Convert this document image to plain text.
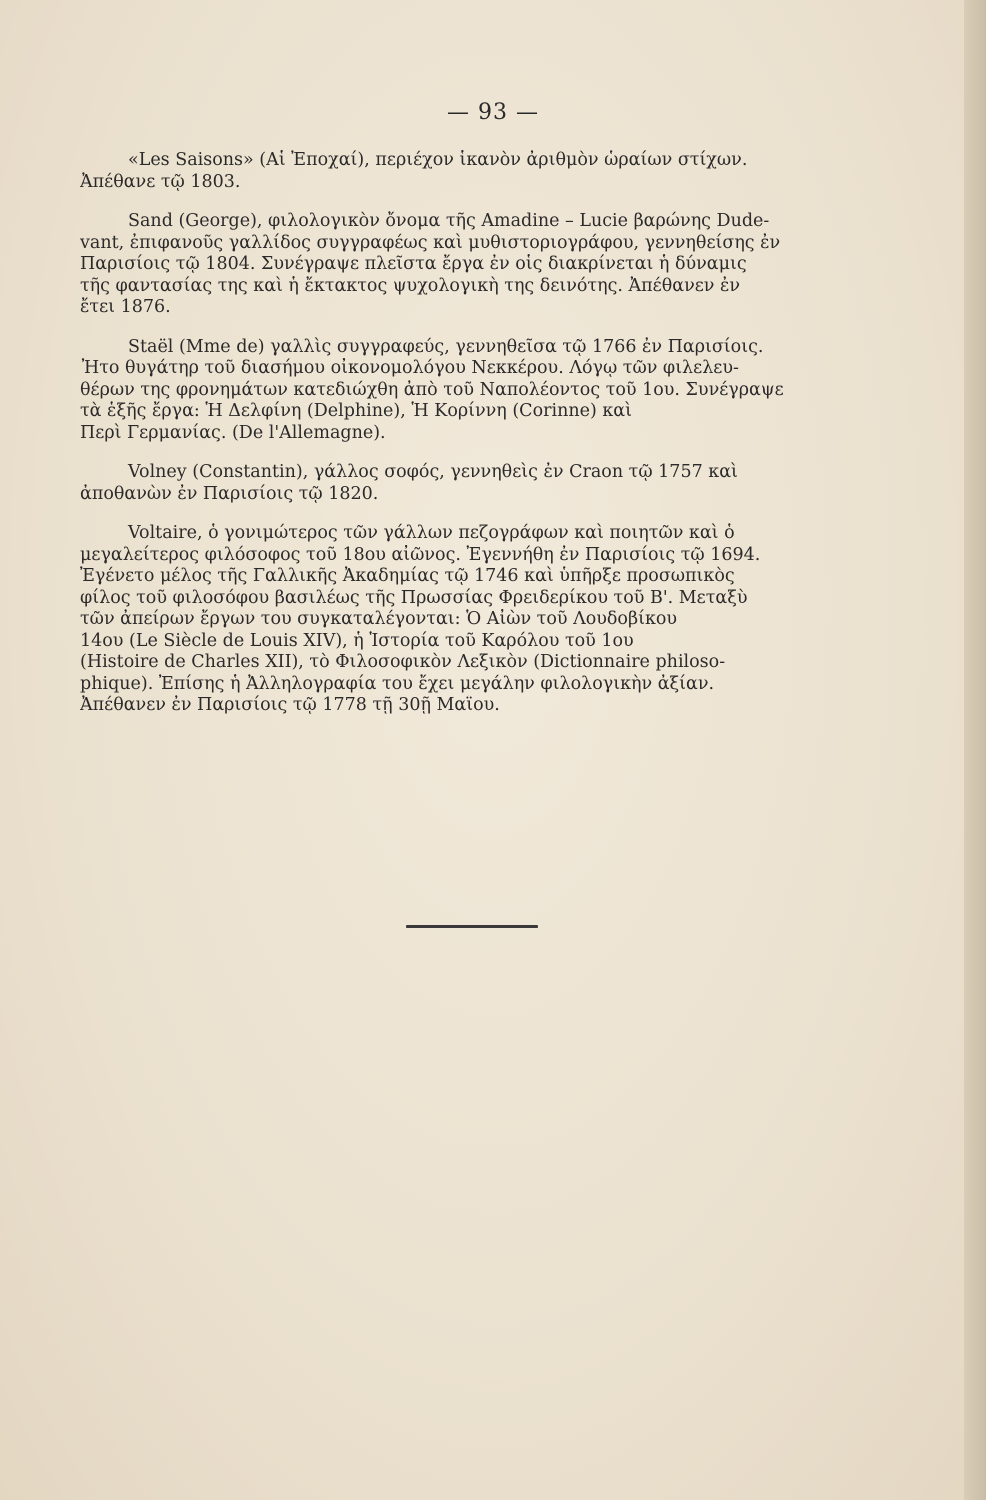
— 93 —
«Les Saisons» (Αἱ Ἐποχαί), περιέχον ἱκανὸν ἀριθμὸν ὡραίων στίχων.
Ἀπέθανε τῷ 1803.
Sand (George), φιλολογικὸν ὄνομα τῆς Amadine – Lucie βαρώνης Dude-
vant, ἐπιφανοῦς γαλλίδος συγγραφέως καὶ μυθιστοριογράφου, γεννηθείσης ἐν
Παρισίοις τῷ 1804. Συνέγραψε πλεῖστα ἔργα ἐν οἷς διακρίνεται ἡ δύναμις
τῆς φαντασίας της καὶ ἡ ἔκτακτος ψυχολογικὴ της δεινότης. Ἀπέθανεν ἐν
ἔτει 1876.
Staël (Mme de) γαλλὶς συγγραφεύς, γεννηθεῖσα τῷ 1766 ἐν Παρισίοις.
Ἦτο θυγάτηρ τοῦ διασήμου οἰκονομολόγου Νεκκέρου. Λόγῳ τῶν φιλελευ-
θέρων της φρονημάτων κατεδιώχθη ἀπὸ τοῦ Ναπολέοντος τοῦ 1ου. Συνέγραψε
τὰ ἑξῆς ἔργα: Ἡ Δελφίνη (Delphine), Ἡ Κορίννη (Corinne) καὶ
Περὶ Γερμανίας. (De l'Allemagne).
Volney (Constantin), γάλλος σοφός, γεννηθεὶς ἐν Craon τῷ 1757 καὶ
ἀποθανὼν ἐν Παρισίοις τῷ 1820.
Voltaire, ὁ γονιμώτερος τῶν γάλλων πεζογράφων καὶ ποιητῶν καὶ ὁ
μεγαλείτερος φιλόσοφος τοῦ 18ου αἰῶνος. Ἐγεννήθη ἐν Παρισίοις τῷ 1694.
Ἐγένετο μέλος τῆς Γαλλικῆς Ἀκαδημίας τῷ 1746 καὶ ὑπῆρξε προσωπικὸς
φίλος τοῦ φιλοσόφου βασιλέως τῆς Πρωσσίας Φρειδερίκου τοῦ Β'. Μεταξὺ
τῶν ἀπείρων ἔργων του συγκαταλέγονται: Ὁ Αἰὼν τοῦ Λουδοβίκου
14ου (Le Siècle de Louis XIV), ἡ Ἱστορία τοῦ Καρόλου τοῦ 1ου
(Histoire de Charles XII), τὸ Φιλοσοφικὸν Λεξικὸν (Dictionnaire philoso-
phique). Ἐπίσης ἡ Ἀλληλογραφία του ἔχει μεγάλην φιλολογικὴν ἀξίαν.
Ἀπέθανεν ἐν Παρισίοις τῷ 1778 τῇ 30ῇ Μαΐου.
